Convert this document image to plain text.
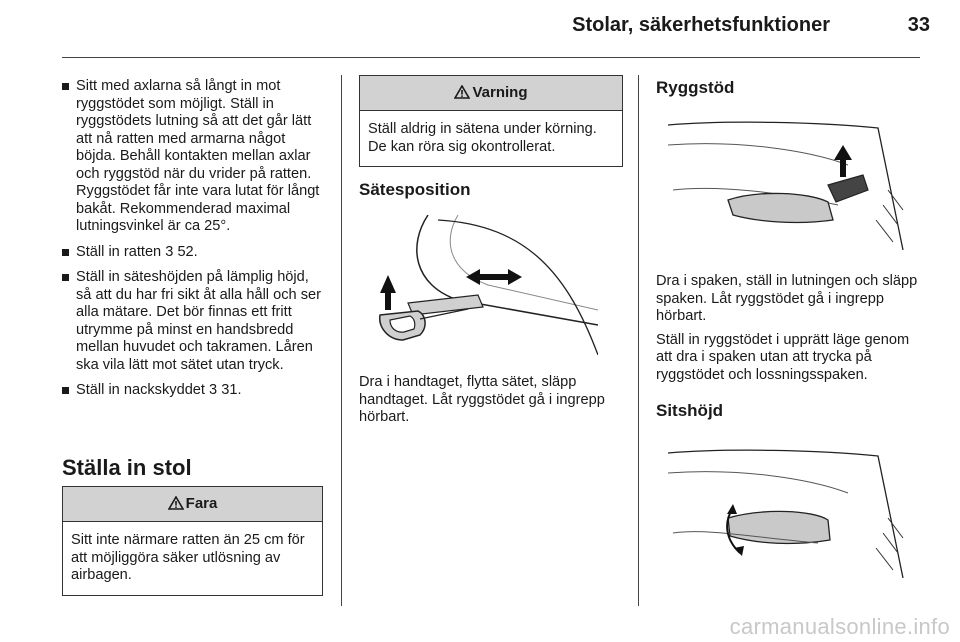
Stolar, säkerhetsfunktioner	33
Sitt med axlarna så långt in mot ryggstödet som möjligt. Ställ in ryggstödets lutning så att det går lätt att nå ratten med armarna något böjda. Behåll kontakten mellan axlar och ryggstöd när du vrider på ratten. Ryggstödet får inte vara lutat för långt bakåt. Rekommenderad maximal lutningsvinkel är ca 25°.
Ställ in ratten 3 52.
Ställ in säteshöjden på lämplig höjd, så att du har fri sikt åt alla håll och ser alla mätare. Det bör finnas ett fritt utrymme på minst en handsbredd mellan huvudet och takramen. Låren ska vila lätt mot sätet utan tryck.
Ställ in nackskyddet 3 31.
Ställa in stol
Fara
Sitt inte närmare ratten än 25 cm för att möjliggöra säker utlösning av airbagen.
Varning
Ställ aldrig in sätena under körning. De kan röra sig okontrollerat.
Sätesposition
Dra i handtaget, flytta sätet, släpp handtaget. Låt ryggstödet gå i ingrepp hörbart.
Ryggstöd

Dra i spaken, ställ in lutningen och släpp spaken. Låt ryggstödet gå i ingrepp hörbart.

Ställ in ryggstödet i upprätt läge genom att dra i spaken utan att trycka på ryggstödet och lossningsspaken.

Sitshöjd
carmanualsonline.info
